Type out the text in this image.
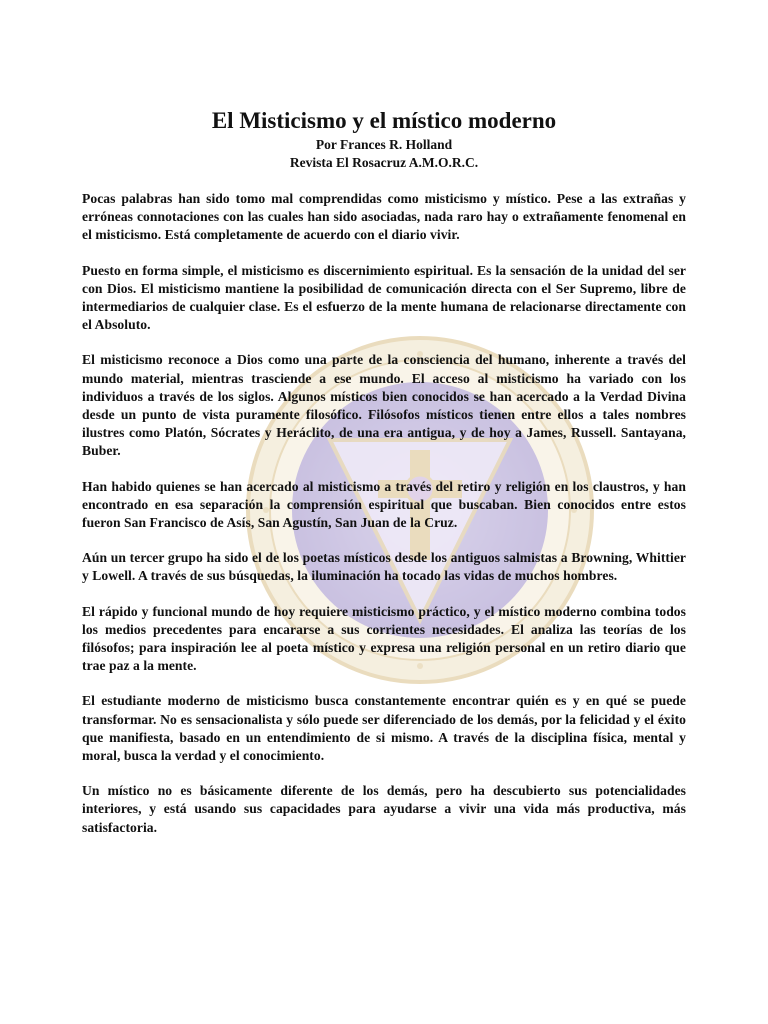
El Misticismo y el místico moderno

Por Frances R. Holland

Revista El Rosacruz A.M.O.R.C.

Pocas palabras han sido tomo mal comprendidas como misticismo y místico. Pese a las extrañas y erróneas connotaciones con las cuales han sido asociadas, nada raro hay o extrañamente fenomenal en el misticismo. Está completamente de acuerdo con el diario vivir.

Puesto en forma simple, el misticismo es discernimiento espiritual. Es la sensación de la unidad del ser con Dios. El misticismo mantiene la posibilidad de comunicación directa con el Ser Supremo, libre de intermediarios de cualquier clase. Es el esfuerzo de la mente humana de relacionarse directamente con el Absoluto.

El misticismo reconoce a Dios como una parte de la consciencia del humano, inherente a través del mundo material, mientras trasciende a ese mundo. El acceso al misticismo ha variado con los individuos a través de los siglos. Algunos místicos bien conocidos se han acercado a la Verdad Divina desde un punto de vista puramente filosófico. Filósofos místicos tienen entre ellos a tales nombres ilustres como Platón, Sócrates y Heráclito, de una era antigua, y de hoy a James, Russell. Santayana, Buber.

Han habido quienes se han acercado al misticismo a través del retiro y religión en los claustros, y han encontrado en esa separación la comprensión espiritual que buscaban. Bien conocidos entre estos fueron San Francisco de Asís, San Agustín, San Juan de la Cruz.

Aún un tercer grupo ha sido el de los poetas místicos desde los antiguos salmistas a Browning, Whittier y Lowell. A través de sus búsquedas, la iluminación ha tocado las vidas de muchos hombres.

El rápido y funcional mundo de hoy requiere misticismo práctico, y el místico moderno combina todos los medios precedentes para encararse a sus corrientes necesidades. El analiza las teorías de los filósofos; para inspiración lee al poeta místico y expresa una religión personal en un retiro diario que trae paz a la mente.

El estudiante moderno de misticismo busca constantemente encontrar quién es y en qué se puede transformar. No es sensacionalista y sólo puede ser diferenciado de los demás, por la felicidad y el éxito que manifiesta, basado en un entendimiento de si mismo. A través de la disciplina física, mental y moral, busca la verdad y el conocimiento.

Un místico no es básicamente diferente de los demás, pero ha descubierto sus potencialidades interiores, y está usando sus capacidades para ayudarse a vivir una vida más productiva, más satisfactoria.
